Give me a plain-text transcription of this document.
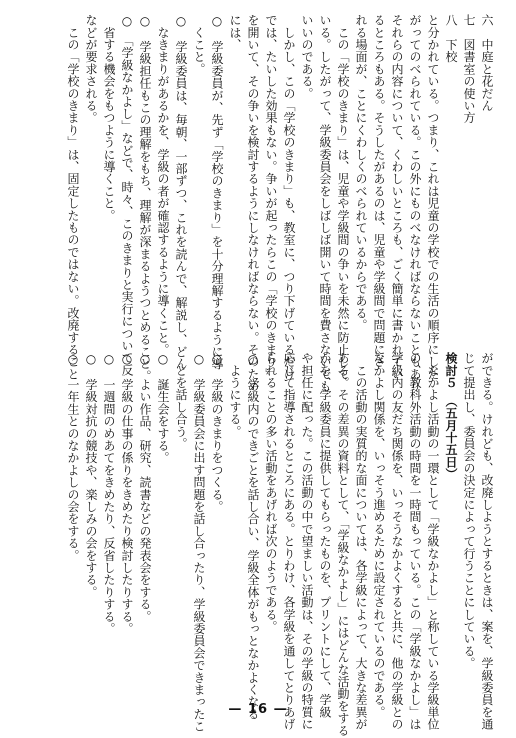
六　中庭と花だん
七　図書室の使い方
八　下校
と分かれている。つまり、これは児童の学校での生活の順序にした
がってのべられている。この外にものべなければならないこともあり
それらの内容について、くわしいところも、ごく簡単に書かれてい
るところもある。そうしたがあるのは、児童や学級間で問題にさ
れる場面が、ことにくわしくのべられているからである。
　この「学校のきまり」は、児童や学級間の争いを未然に防止して
いる。したがって、学級委員会をしばしば開いて時間を費さないでも
いいのである。
　しかし、この「学校のきまり」も、教室に、つり下げているだけ
では、たいした効果もない。争いが起ったらこの「学校のきまり」
を開いて、その争いを検討するようにしなければならない。そのため
には、
○　学級委員が、先ず「学校のきまり」を十分理解するように導
　くこと。
○　学級委員は、毎朝、一部ずつ、これを読んで、解説し、どん
　なきまりがあるかを、学級の者が確認するように導くこと。
○　学級担任もこの理解をもち、理解が深まるようつとめること。
○　「学級なかよし」などで、時々、このきまりと実行について反
　省する機会をもつように導くこと。
などが要求される。
　この「学校のきまり」は、固定したものではない。改廃すること
ができる。けれども、改廃しようとするときは、案を、学級委員を通
じて提出し、委員会の決定によって行うことにしている。
検討５　（五月十五日）
　なかよし活動の一環として「学級なかよし」と称している学級単位
の、教科外活動の時間を一時間もっている。この「学級なかよし」は
学級内の友だち関係を、いっそうなかよくすると共に、他の学級との
なかよし関係を、いっそう進めるために設定されているのである。
　この活動の実質的な面については、各学級によって、大きな差異が
ある。その差異の資料として、「学級なかよし」にはどんな活動をする
かを、学級委員に提供してもらったものを、プリントにして、学級
や担任に配った。この活動の中で望ましい活動は、その学級の特質に
応じて指導されるところにある。とりわけ、各学級を通してとりあげ
られることの多い活動をあげれば次のようである。
○　学級内のできごとを話し合い、学級全体がもっとなかよくなる
　ようにする。
○　学級のきまりをつくる。
○　学級委員会に出す問題を話し合ったり、学級委員会できまったこ
　とを話し合う。
○　誕生会をする。
○　よい作品、研究、読書などの発表会をする。
○　学級の仕事の係りをきめたり検討したりする。
○　一週間のめあてをきめたり、反省したりする。
○　学級対抗の競技や、楽しみの会をする。
○　一年生とのなかよしの会をする。
— 16 —
